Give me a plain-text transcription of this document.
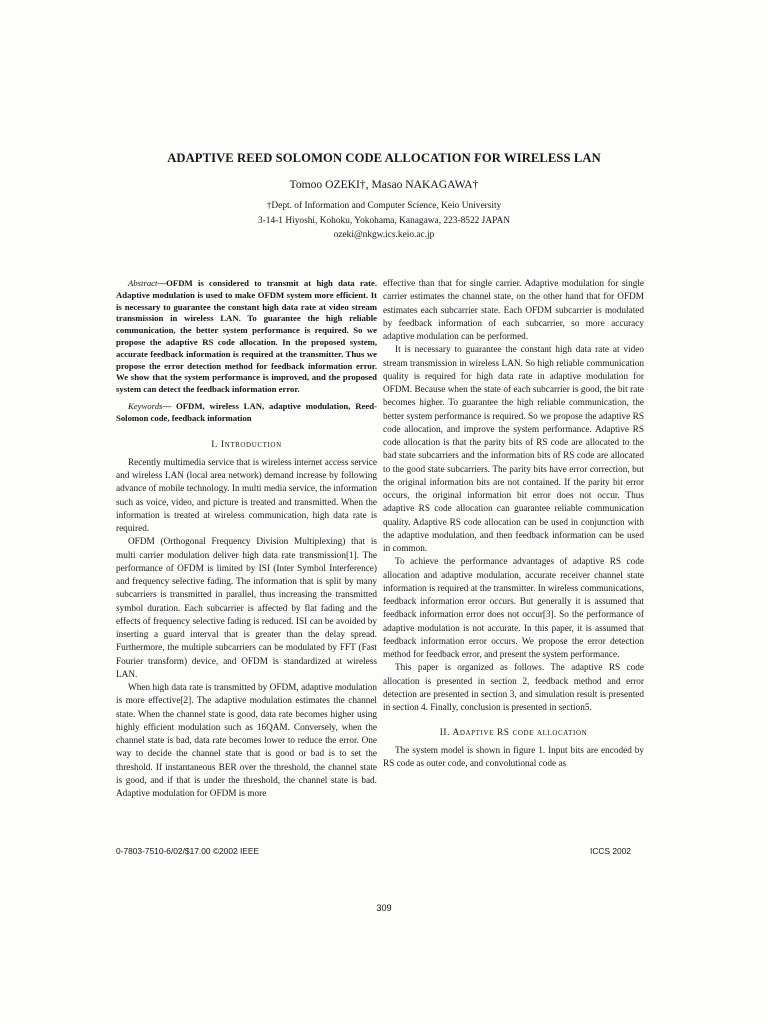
ADAPTIVE REED SOLOMON CODE ALLOCATION FOR WIRELESS LAN
Tomoo OZEKI†, Masao NAKAGAWA†
†Dept. of Information and Computer Science, Keio University
3-14-1 Hiyoshi, Kohoku, Yokohama, Kanagawa, 223-8522 JAPAN
ozeki@nkgw.ics.keio.ac.jp

Abstract—OFDM is considered to transmit at high data rate. Adaptive modulation is used to make OFDM system more efficient. It is necessary to guarantee the constant high data rate at video stream transmission in wireless LAN. To guarantee the high reliable communication, the better system performance is required. So we propose the adaptive RS code allocation. In the proposed system, accurate feedback information is required at the transmitter. Thus we propose the error detection method for feedback information error. We show that the system performance is improved, and the proposed system can detect the feedback information error.

Keywords— OFDM, wireless LAN, adaptive modulation, Reed-Solomon code, feedback information

I. Introduction

Recently multimedia service that is wireless internet access service and wireless LAN (local area network) demand increase by following advance of mobile technology. In multi media service, the information such as voice, video, and picture is treated and transmitted. When the information is treated at wireless communication, high data rate is required.

OFDM (Orthogonal Frequency Division Multiplexing) that is multi carrier modulation deliver high data rate transmission[1]. The performance of OFDM is limited by ISI (Inter Symbol Interference) and frequency selective fading. The information that is split by many subcarriers is transmitted in parallel, thus increasing the transmitted symbol duration. Each subcarrier is affected by flat fading and the effects of frequency selective fading is reduced. ISI can be avoided by inserting a guard interval that is greater than the delay spread. Furthermore, the multiple subcarriers can be modulated by FFT (Fast Fourier transform) device, and OFDM is standardized at wireless LAN.

When high data rate is transmitted by OFDM, adaptive modulation is more effective[2]. The adaptive modulation estimates the channel state. When the channel state is good, data rate becomes higher using highly efficient modulation such as 16QAM. Conversely, when the channel state is bad, data rate becomes lower to reduce the error. One way to decide the channel state that is good or bad is to set the threshold. If instantaneous BER over the threshold, the channel state is good, and if that is under the threshold, the channel state is bad. Adaptive modulation for OFDM is more

effective than that for single carrier. Adaptive modulation for single carrier estimates the channel state, on the other hand that for OFDM estimates each subcarrier state. Each OFDM subcarrier is modulated by feedback information of each subcarrier, so more accuracy adaptive modulation can be performed.

It is necessary to guarantee the constant high data rate at video stream transmission in wireless LAN. So high reliable communication quality is required for high data rate in adaptive modulation for OFDM. Because when the state of each subcarrier is good, the bit rate becomes higher. To guarantee the high reliable communication, the better system performance is required. So we propose the adaptive RS code allocation, and improve the system performance. Adaptive RS code allocation is that the parity bits of RS code are allocated to the bad state subcarriers and the information bits of RS code are allocated to the good state subcarriers. The parity bits have error correction, but the original information bits are not contained. If the parity bit error occurs, the original information bit error does not occur. Thus adaptive RS code allocation can guarantee reliable communication quality. Adaptive RS code allocation can be used in conjunction with the adaptive modulation, and then feedback information can be used in common.

To achieve the performance advantages of adaptive RS code allocation and adaptive modulation, accurate receiver channel state information is required at the transmitter. In wireless communications, feedback information error occurs. But generally it is assumed that feedback information error does not occur[3]. So the performance of adaptive modulation is not accurate. In this paper, it is assumed that feedback information error occurs. We propose the error detection method for feedback error, and present the system performance.

This paper is organized as follows. The adaptive RS code allocation is presented in section 2, feedback method and error detection are presented in section 3, and simulation result is presented in section 4. Finally, conclusion is presented in section5.

II. Adaptive RS code allocation

The system model is shown in figure 1. Input bits are encoded by RS code as outer code, and convolutional code as

0-7803-7510-6/02/$17.00 ©2002 IEEE	ICCS 2002
309
